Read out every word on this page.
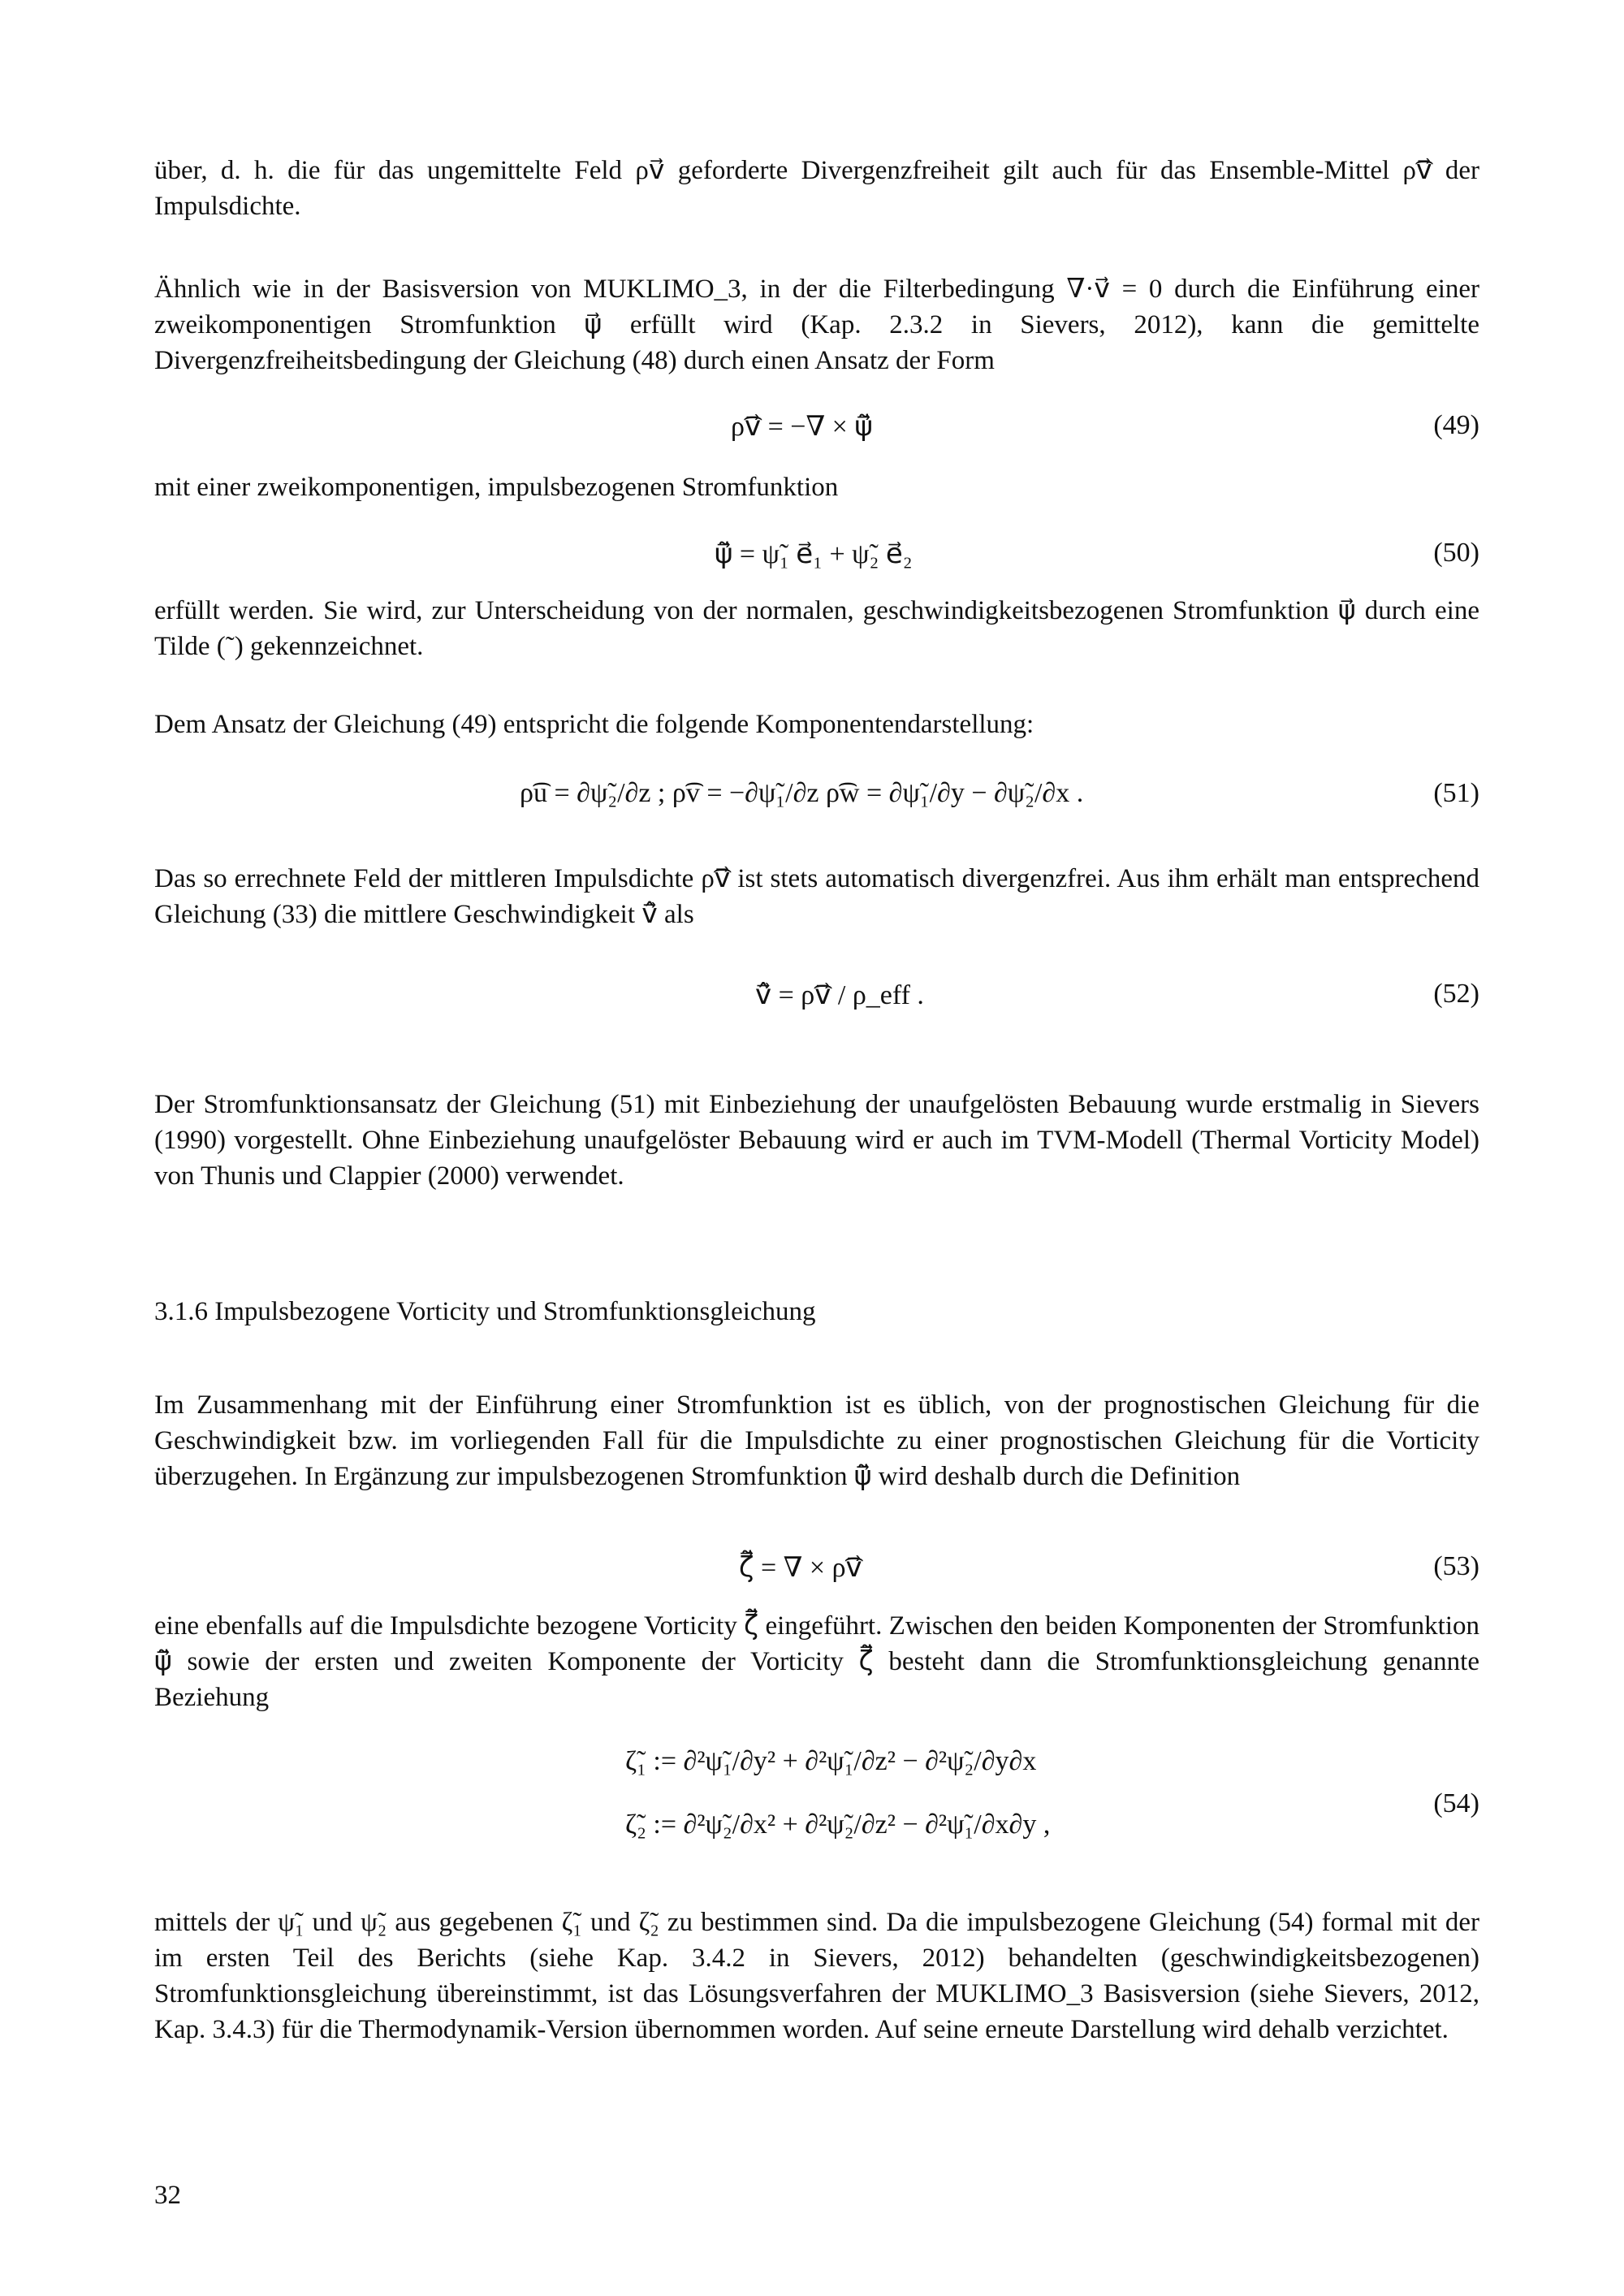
über, d. h. die für das ungemittelte Feld ρv⃗ geforderte Divergenzfreiheit gilt auch für das Ensemble-Mittel ρ͡v⃗ der Impulsdichte.

Ähnlich wie in der Basisversion von MUKLIMO_3, in der die Filterbedingung ∇·v⃗ = 0 durch die Einführung einer zweikomponentigen Stromfunktion ψ⃗ erfüllt wird (Kap. 2.3.2 in Sievers, 2012), kann die gemittelte Divergenzfreiheitsbedingung der Gleichung (48) durch einen Ansatz der Form

ρ͡v⃗ = −∇ × ψ̃⃗	(49)

mit einer zweikomponentigen, impulsbezogenen Stromfunktion

ψ̃⃗ = ψ̃₁ e⃗₁ + ψ̃₂ e⃗₂	(50)

erfüllt werden. Sie wird, zur Unterscheidung von der normalen, geschwindigkeitsbezogenen Stromfunktion ψ⃗ durch eine Tilde (˜) gekennzeichnet.

Dem Ansatz der Gleichung (49) entspricht die folgende Komponentendarstellung:

ρ͡u = ∂ψ̃₂/∂z ; ρ͡v = −∂ψ̃₁/∂z ρ͡w = ∂ψ̃₁/∂y − ∂ψ̃₂/∂x .	(51)

Das so errechnete Feld der mittleren Impulsdichte ρ͡v⃗ ist stets automatisch divergenzfrei. Aus ihm erhält man entsprechend Gleichung (33) die mittlere Geschwindigkeit v̂⃗ als

v̂⃗ = ρ͡v⃗ / ρ_eff .	(52)

Der Stromfunktionsansatz der Gleichung (51) mit Einbeziehung der unaufgelösten Bebauung wurde erstmalig in Sievers (1990) vorgestellt. Ohne Einbeziehung unaufgelöster Bebauung wird er auch im TVM-Modell (Thermal Vorticity Model) von Thunis und Clappier (2000) verwendet.

3.1.6 Impulsbezogene Vorticity und Stromfunktionsgleichung

Im Zusammenhang mit der Einführung einer Stromfunktion ist es üblich, von der prognostischen Gleichung für die Geschwindigkeit bzw. im vorliegenden Fall für die Impulsdichte zu einer prognostischen Gleichung für die Vorticity überzugehen. In Ergänzung zur impulsbezogenen Stromfunktion ψ̃⃗ wird deshalb durch die Definition

ζ̃⃗ = ∇ × ρ͡v⃗	(53)

eine ebenfalls auf die Impulsdichte bezogene Vorticity ζ̃⃗ eingeführt. Zwischen den beiden Komponenten der Stromfunktion ψ̃⃗ sowie der ersten und zweiten Komponente der Vorticity ζ̃⃗ besteht dann die Stromfunktionsgleichung genannte Beziehung

ζ̃₁ := ∂²ψ̃₁/∂y² + ∂²ψ̃₁/∂z² − ∂²ψ̃₂/∂y∂x
ζ̃₂ := ∂²ψ̃₂/∂x² + ∂²ψ̃₂/∂z² − ∂²ψ̃₁/∂x∂y ,
(54)

mittels der ψ̃₁ und ψ̃₂ aus gegebenen ζ̃₁ und ζ̃₂ zu bestimmen sind. Da die impulsbezogene Gleichung (54) formal mit der im ersten Teil des Berichts (siehe Kap. 3.4.2 in Sievers, 2012) behandelten (geschwindigkeitsbezogenen) Stromfunktionsgleichung übereinstimmt, ist das Lösungsverfahren der MUKLIMO_3 Basisversion (siehe Sievers, 2012, Kap. 3.4.3) für die Thermodynamik-Version übernommen worden. Auf seine erneute Darstellung wird dehalb verzichtet.

32
